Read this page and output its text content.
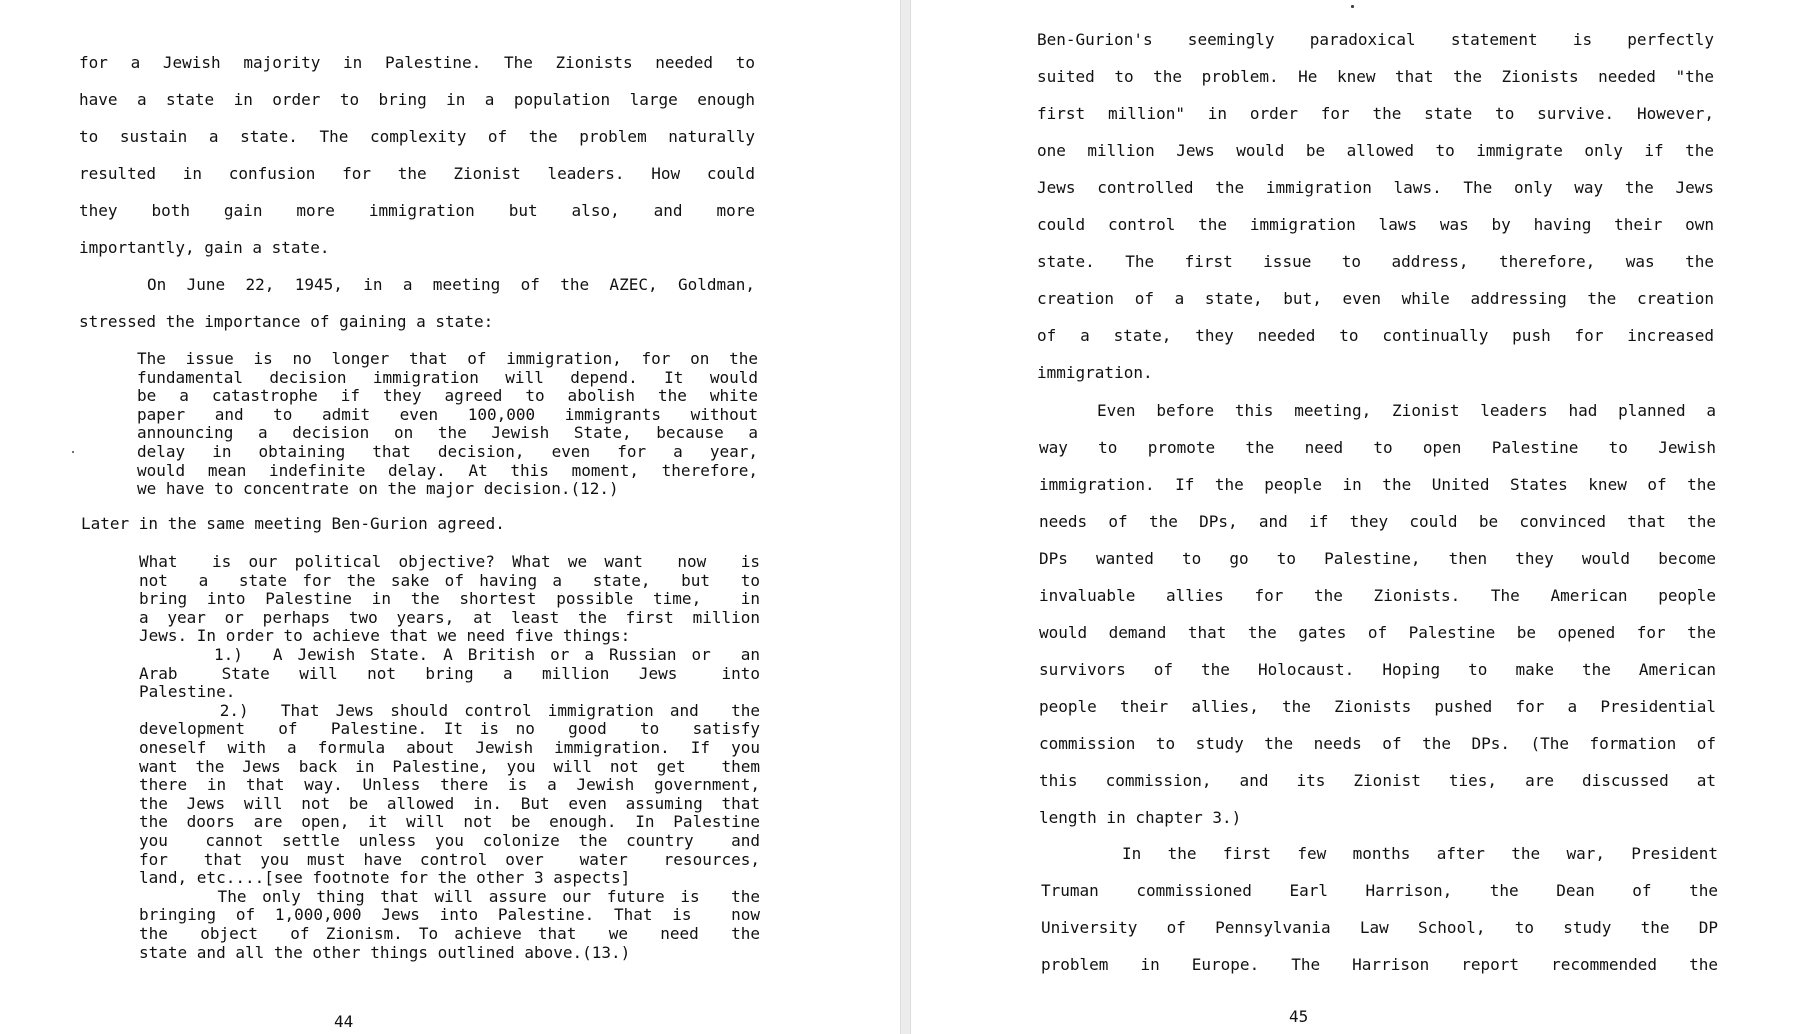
for a Jewish majority in Palestine. The Zionists needed to
have a state in order to bring in a population large enough
to sustain a state. The complexity of the problem naturally
resulted in confusion for the Zionist leaders. How could
they both gain more immigration but also, and more
importantly, gain a state.
On June 22, 1945, in a meeting of the AZEC, Goldman,
stressed the importance of gaining a state:
The issue is no longer that of immigration, for on the
fundamental decision immigration will depend. It would
be a catastrophe if they agreed to abolish the white
paper and to admit even 100,000 immigrants without
announcing a decision on the Jewish State, because a
delay in obtaining that decision, even for a year,
would mean indefinite delay. At this moment, therefore,
we have to concentrate on the major decision.(12.)
Later in the same meeting Ben-Gurion agreed.
What  is our political objective? What we want  now  is
not  a  state for the sake of having a  state,  but  to
bring into Palestine in the shortest possible time,  in
a year or perhaps two years, at least the first million
Jews. In order to achieve that we need five things:
1.)  A Jewish State. A British or a Russian or  an
Arab   State  will  not  bring  a  million  Jews   into
Palestine.
2.)  That Jews should control immigration and  the
development  of  Palestine. It is no  good  to  satisfy
oneself with a formula about Jewish immigration. If you
want the Jews back in Palestine, you will not get  them
there in that way. Unless there is a Jewish government,
the Jews will not be allowed in. But even assuming that
the doors are open, it will not be enough. In Palestine
you  cannot settle unless you colonize the country  and
for  that you must have control over  water  resources,
land, etc....[see footnote for the other 3 aspects]
The only thing that will assure our future is  the
bringing of 1,000,000 Jews into Palestine. That is  now
the  object  of Zionism. To achieve that  we  need  the
state and all the other things outlined above.(13.)
44
Ben-Gurion's seemingly paradoxical statement is perfectly
suited to the problem. He knew that the Zionists needed "the
first million" in order for the state to survive. However,
one million Jews would be allowed to immigrate only if the
Jews controlled the immigration laws. The only way the Jews
could control the immigration laws was by having their own
state. The first issue to address, therefore, was the
creation of a state, but, even while addressing the creation
of a state, they needed to continually push for increased
immigration.
Even before this meeting, Zionist leaders had planned a
way to promote the need to open Palestine to Jewish
immigration. If the people in the United States knew of the
needs of the DPs, and if they could be convinced that the
DPs wanted to go to Palestine, then they would become
invaluable allies for the Zionists. The American people
would demand that the gates of Palestine be opened for the
survivors of the Holocaust. Hoping to make the American
people their allies, the Zionists pushed for a Presidential
commission to study the needs of the DPs. (The formation of
this commission, and its Zionist ties, are discussed at
length in chapter 3.)
In the first few months after the war, President
Truman commissioned Earl Harrison, the Dean of the
University of Pennsylvania Law School, to study the DP
problem in Europe. The Harrison report recommended the
45
